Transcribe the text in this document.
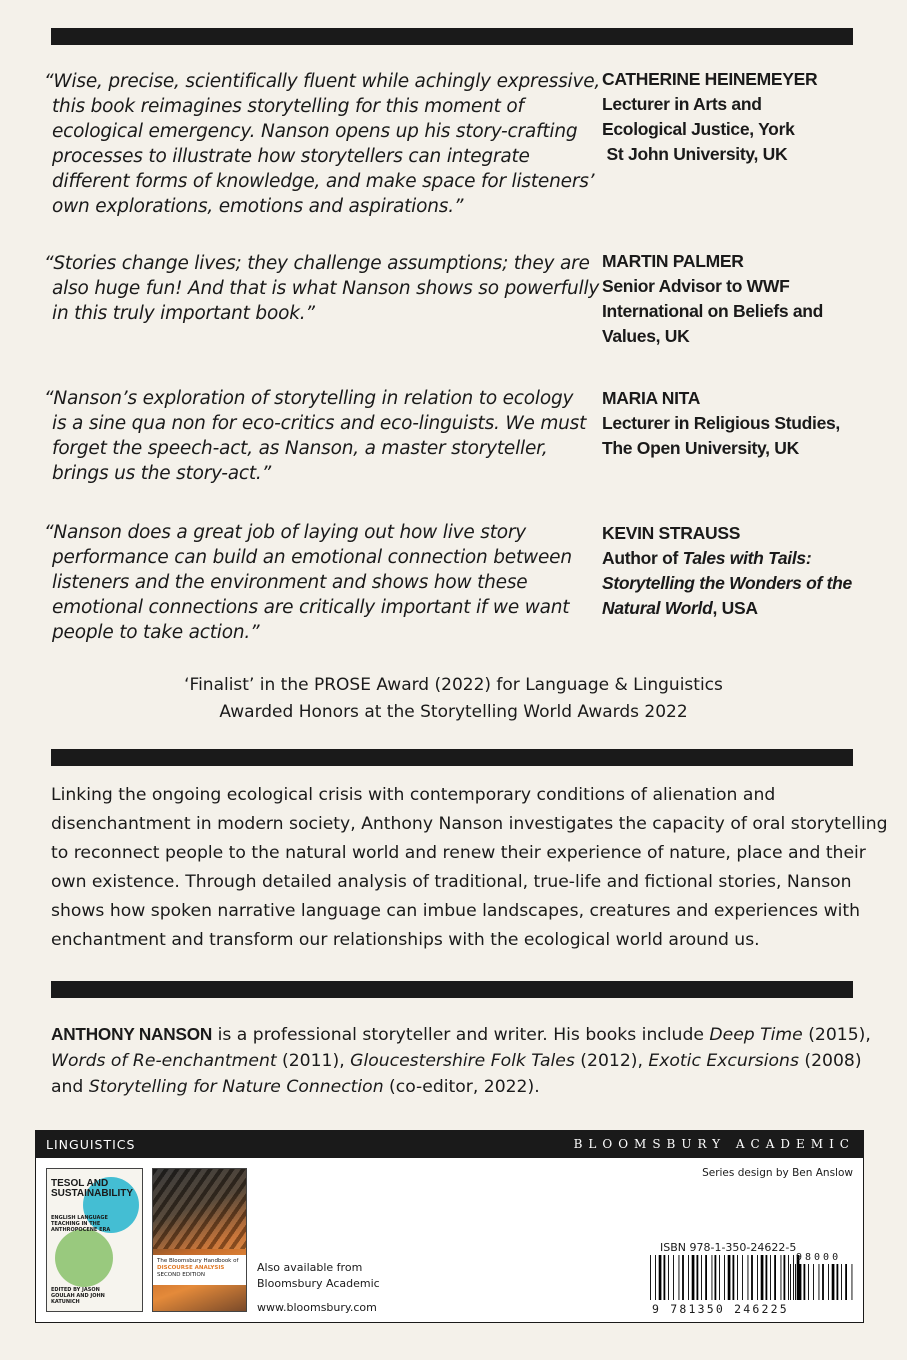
“Wise, precise, scientifically fluent while achingly expressive,
this book reimagines storytelling for this moment of
ecological emergency. Nanson opens up his story-crafting
processes to illustrate how storytellers can integrate
different forms of knowledge, and make space for listeners’
own explorations, emotions and aspirations.”
CATHERINE HEINEMEYER
Lecturer in Arts and
Ecological Justice, York
St John University, UK
“Stories change lives; they challenge assumptions; they are
also huge fun! And that is what Nanson shows so powerfully
in this truly important book.”
MARTIN PALMER
Senior Advisor to WWF
International on Beliefs and
Values, UK
“Nanson’s exploration of storytelling in relation to ecology
is a sine qua non for eco-critics and eco-linguists. We must
forget the speech-act, as Nanson, a master storyteller,
brings us the story-act.”
MARIA NITA
Lecturer in Religious Studies,
The Open University, UK
“Nanson does a great job of laying out how live story
performance can build an emotional connection between
listeners and the environment and shows how these
emotional connections are critically important if we want
people to take action.”
KEVIN STRAUSS
Author of Tales with Tails:
Storytelling the Wonders of the
Natural World, USA
‘Finalist’ in the PROSE Award (2022) for Language & Linguistics
Awarded Honors at the Storytelling World Awards 2022
Linking the ongoing ecological crisis with contemporary conditions of alienation and
disenchantment in modern society, Anthony Nanson investigates the capacity of oral storytelling
to reconnect people to the natural world and renew their experience of nature, place and their
own existence. Through detailed analysis of traditional, true-life and fictional stories, Nanson
shows how spoken narrative language can imbue landscapes, creatures and experiences with
enchantment and transform our relationships with the ecological world around us.
ANTHONY NANSON is a professional storyteller and writer. His books include Deep Time (2015),
Words of Re-enchantment (2011), Gloucestershire Folk Tales (2012), Exotic Excursions (2008)
and Storytelling for Nature Connection (co-editor, 2022).
LINGUISTICS	BLOOMSBURY ACADEMIC
Series design by Ben Anslow
TESOL AND SUSTAINABILITY
ENGLISH LANGUAGE TEACHING IN THE ANTHROPOCENE ERA
EDITED BY JASON GOULAH AND JOHN KATUNICH
The Bloomsbury Handbook of
DISCOURSE ANALYSIS
SECOND EDITION
Also available from
Bloomsbury Academic
www.bloomsbury.com
ISBN 978-1-350-24622-5
98000
9 781350 246225
